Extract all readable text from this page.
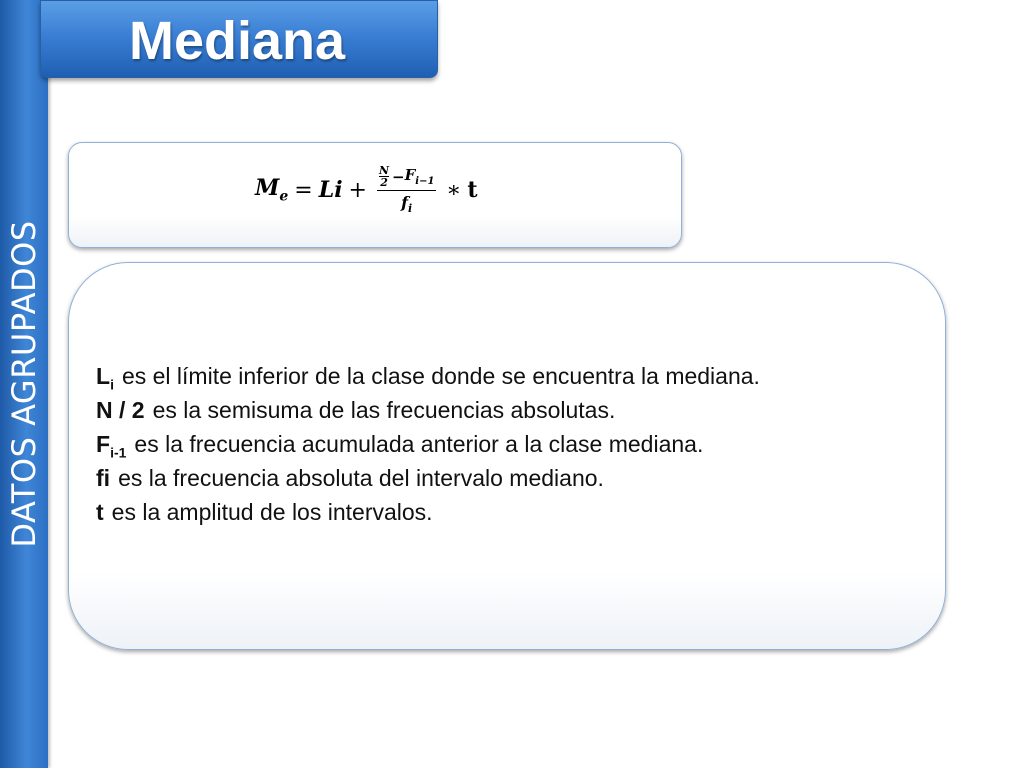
DATOS AGRUPADOS
Mediana
$M_e = Li + \frac{\frac{N}{2} - F_{i-1}}{f_i}$ ∗ t
$L_i$ es el límite inferior de la clase donde se encuentra la mediana.
N / 2 es la semisuma de las frecuencias absolutas.
$F_{i-1}$ es la frecuencia acumulada anterior a la clase mediana.
fi es la frecuencia absoluta del intervalo mediano.
t es la amplitud de los intervalos.
